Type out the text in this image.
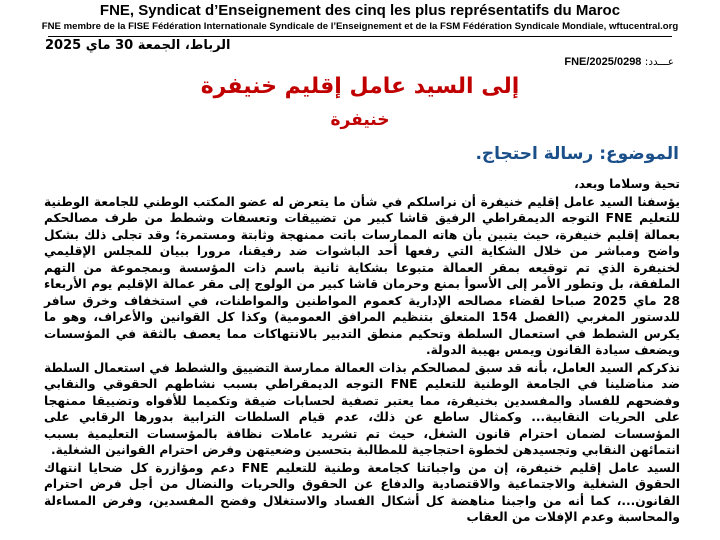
FNE, Syndicat d’Enseignement des cinq les plus représentatifs du Maroc
FNE membre de la FISE Fédération Internationale Syndicale de l’Enseignement et de la FSM Fédération Syndicale Mondiale, wftucentral.org
الرباط، الجمعة 30 ماي 2025
عـــدد: FNE/2025/0298
إلى السيد عامل إقليم خنيفرة
خنيفرة
الموضوع: رسالة احتجاج.

تحية وسلاما وبعد،

يؤسفنا السيد عامل إقليم خنيفرة أن نراسلكم في شأن ما يتعرض له عضو المكتب الوطني للجامعة الوطنية للتعليم FNE التوجه الديمقراطي الرفيق قاشا كبير من تضييقات وتعسفات وشطط من طرف مصالحكم بعمالة إقليم خنيفرة، حيث يتبين بأن هاته الممارسات باتت ممنهجة وثابتة ومستمرة؛ وقد تجلى ذلك بشكل واضح ومباشر من خلال الشكاية التي رفعها أحد الباشوات ضد رفيقنا، مرورا ببيان للمجلس الإقليمي لخنيفرة الذي تم توقيعه بمقر العمالة متبوعا بشكاية ثانية باسم ذات المؤسسة وبمجموعة من التهم الملفقة، بل وتطور الأمر إلى الأسوأ بمنع وحرمان قاشا كبير من الولوج إلى مقر عمالة الإقليم يوم الأربعاء 28 ماي 2025 صباحا لقضاء مصالحه الإدارية كعموم المواطنين والمواطنات، في استخفاف وخرق سافر للدستور المغربي (الفصل 154 المتعلق بتنظيم المرافق العمومية) وكذا كل القوانين والأعراف، وهو ما يكرس الشطط في استعمال السلطة وتحكيم منطق التدبير بالانتهاكات مما يعصف بالثقة في المؤسسات ويضعف سيادة القانون ويمس بهيبة الدولة.

نذكركم السيد العامل، بأنه قد سبق لمصالحكم بذات العمالة ممارسة التضييق والشطط في استعمال السلطة ضد مناضلينا في الجامعة الوطنية للتعليم FNE التوجه الديمقراطي بسبب نشاطهم الحقوقي والنقابي وفضحهم للفساد والمفسدين بخنيفرة، مما يعتبر تصفية لحسابات ضيقة وتكميما للأفواه وتضييقا ممنهجا على الحريات النقابية... وكمثال ساطع عن ذلك، عدم قيام السلطات الترابية بدورها الرقابي على المؤسسات لضمان احترام قانون الشغل، حيث تم تشريد عاملات نظافة بالمؤسسات التعليمية بسبب انتمائهن النقابي وتجسيدهن لخطوة احتجاجية للمطالبة بتحسين وضعيتهن وفرض احترام القوانين الشغلية.

السيد عامل إقليم خنيفرة، إن من واجباتنا كجامعة وطنية للتعليم FNE دعم ومؤازرة كل ضحايا انتهاك الحقوق الشغلية والاجتماعية والاقتصادية والدفاع عن الحقوق والحريات والنضال من أجل فرض احترام القانون...، كما أنه من واجبنا مناهضة كل أشكال الفساد والاستغلال وفضح المفسدين، وفرض المساءلة والمحاسبة وعدم الإفلات من العقاب
